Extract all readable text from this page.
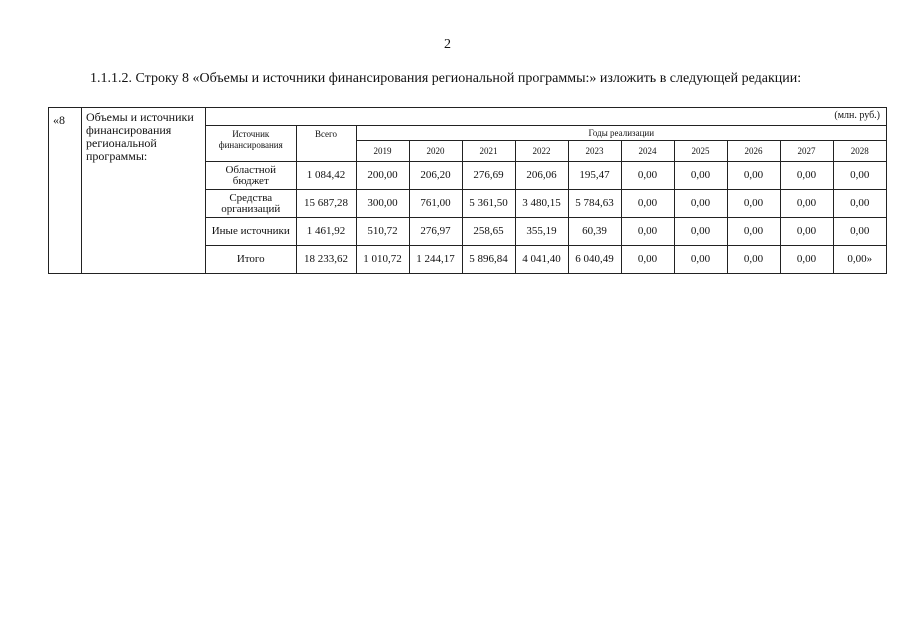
2
1.1.1.2. Строку 8 «Объемы и источники финансирования региональной программы:» изложить в следующей редакции:
«8	Объемы и источники финансирования региональной программы:	
(млн. руб.)
Источник финансирования	Всего	Годы реализации
2019	2020	2021	2022	2023	2024	2025	2026	2027	2028
Областной бюджет	1 084,42	200,00	206,20	276,69	206,06	195,47	0,00	0,00	0,00	0,00	0,00
Средства организаций	15 687,28	300,00	761,00	5 361,50	3 480,15	5 784,63	0,00	0,00	0,00	0,00	0,00
Иные источники	1 461,92	510,72	276,97	258,65	355,19	60,39	0,00	0,00	0,00	0,00	0,00
Итого	18 233,62	1 010,72	1 244,17	5 896,84	4 041,40	6 040,49	0,00	0,00	0,00	0,00	0,00»
